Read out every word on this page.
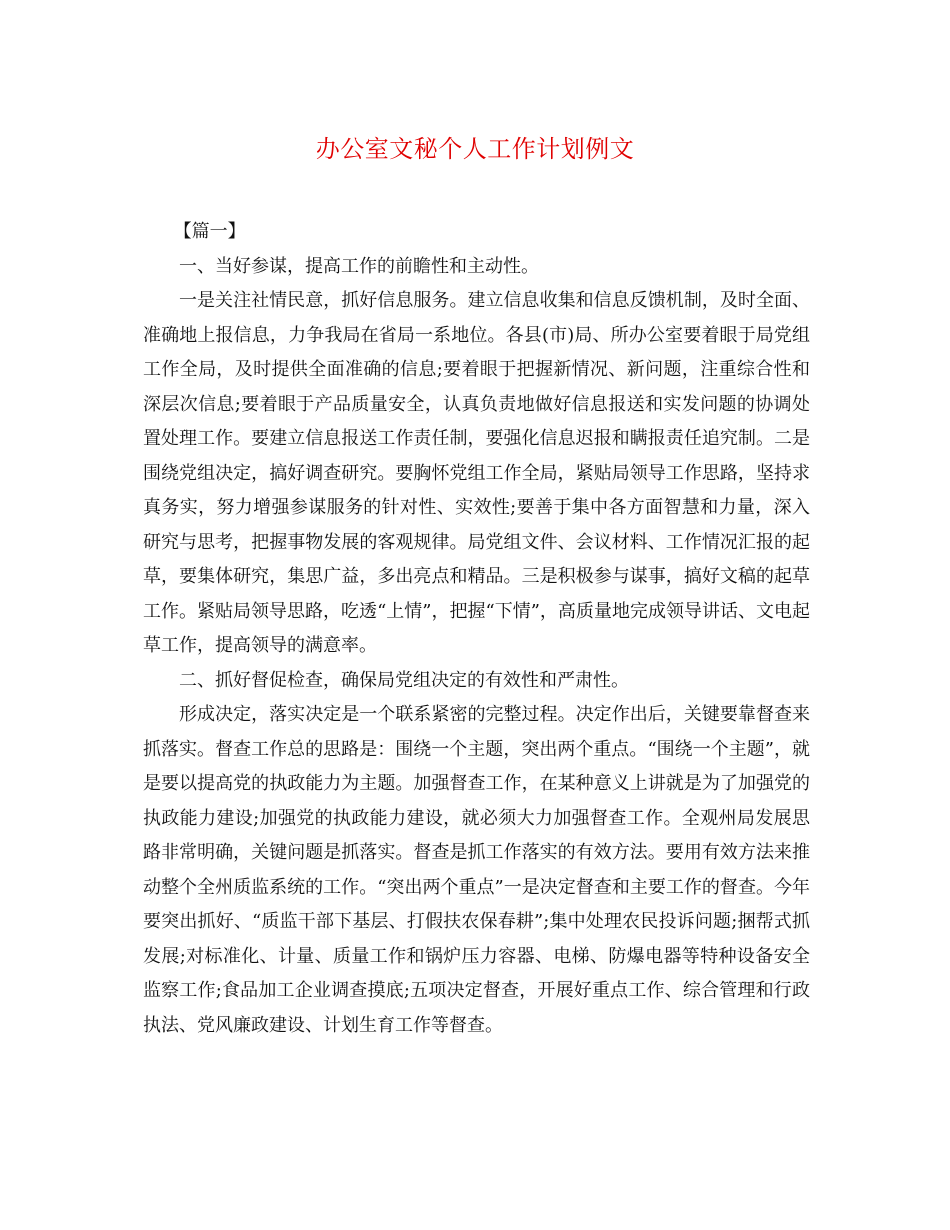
办公室文秘个人工作计划例文

【篇一】

一、当好参谋，提高工作的前瞻性和主动性。

一是关注社情民意，抓好信息服务。建立信息收集和信息反馈机制，及时全面、准确地上报信息，力争我局在省局一系地位。各县(市)局、所办公室要着眼于局党组工作全局，及时提供全面准确的信息;要着眼于把握新情况、新问题，注重综合性和深层次信息;要着眼于产品质量安全，认真负责地做好信息报送和实发问题的协调处置处理工作。要建立信息报送工作责任制，要强化信息迟报和瞒报责任追究制。二是围绕党组决定，搞好调查研究。要胸怀党组工作全局，紧贴局领导工作思路，坚持求真务实，努力增强参谋服务的针对性、实效性;要善于集中各方面智慧和力量，深入研究与思考，把握事物发展的客观规律。局党组文件、会议材料、工作情况汇报的起草，要集体研究，集思广益，多出亮点和精品。三是积极参与谋事，搞好文稿的起草工作。紧贴局领导思路，吃透“上情”，把握“下情”，高质量地完成领导讲话、文电起草工作，提高领导的满意率。

二、抓好督促检查，确保局党组决定的有效性和严肃性。

形成决定，落实决定是一个联系紧密的完整过程。决定作出后，关键要靠督查来抓落实。督查工作总的思路是：围绕一个主题，突出两个重点。“围绕一个主题”，就是要以提高党的执政能力为主题。加强督查工作，在某种意义上讲就是为了加强党的执政能力建设;加强党的执政能力建设，就必须大力加强督查工作。全观州局发展思路非常明确，关键问题是抓落实。督查是抓工作落实的有效方法。要用有效方法来推动整个全州质监系统的工作。“突出两个重点”一是决定督查和主要工作的督查。今年要突出抓好、“质监干部下基层、打假扶农保春耕”;集中处理农民投诉问题;捆帮式抓发展;对标准化、计量、质量工作和锅炉压力容器、电梯、防爆电器等特种设备安全监察工作;食品加工企业调查摸底;五项决定督查，开展好重点工作、综合管理和行政执法、党风廉政建设、计划生育工作等督查。
